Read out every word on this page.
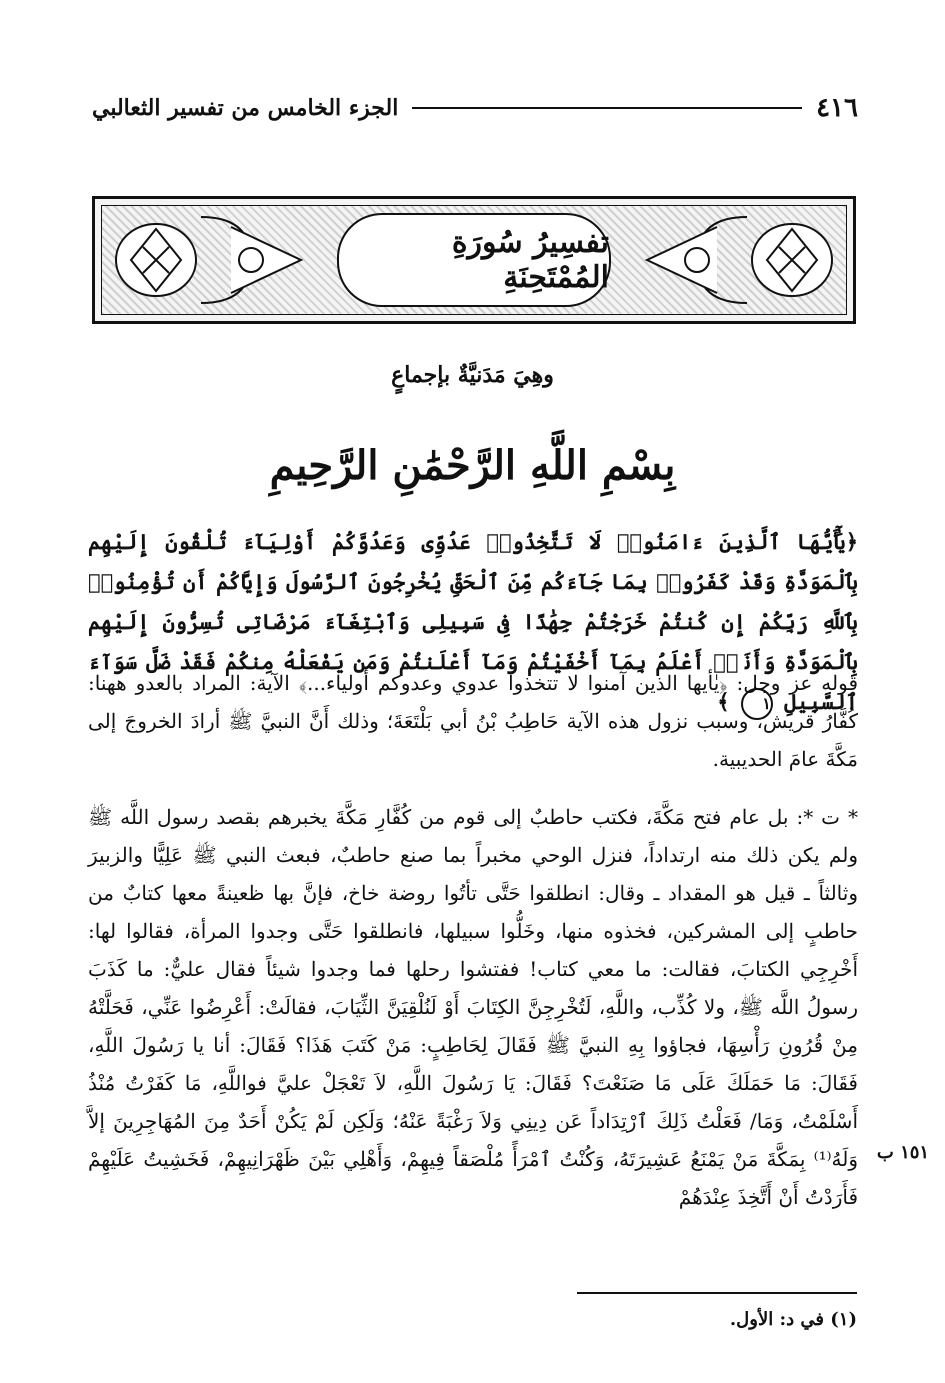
٤١٦
الجزء الخامس من تفسير الثعالبي
تفسِيرُ سُورَةِ المُمْتَحِنَةِ
وهِيَ مَدَنيَّةٌ بإجماعٍ
بِسْمِ اللَّهِ الرَّحْمَٰنِ الرَّحِيمِ
﴿يَٰٓأَيُّهَا ٱلَّذِينَ ءَامَنُوا۟ لَا تَتَّخِذُوا۟ عَدُوِّى وَعَدُوَّكُمْ أَوْلِيَآءَ تُلْقُونَ إِلَيْهِم بِٱلْمَوَدَّةِ وَقَدْ كَفَرُوا۟ بِمَا جَآءَكُم مِّنَ ٱلْحَقِّ يُخْرِجُونَ ٱلرَّسُولَ وَإِيَّاكُمْ أَن تُؤْمِنُوا۟ بِٱللَّهِ رَبِّكُمْ إِن كُنتُمْ خَرَجْتُمْ جِهَٰدًا فِى سَبِيلِى وَٱبْتِغَآءَ مَرْضَاتِى تُسِرُّونَ إِلَيْهِم بِٱلْمَوَدَّةِ وَأَنَا۠ أَعْلَمُ بِمَآ أَخْفَيْتُمْ وَمَآ أَعْلَنتُمْ وَمَن يَفْعَلْهُ مِنكُمْ فَقَدْ ضَلَّ سَوَآءَ ٱلسَّبِيلِ ١ ﴾
قوله عز وجل: ﴿يٰأيها الذين آمنوا لا تتخذوا عدوي وعدوكم أولياء...﴾ الآية: المراد بالعدو ههنا: كُفَّارُ قريش، وسبب نزول هذه الآية حَاطِبُ بْنُ أبي بَلْتَعَةَ؛ وذلك أَنَّ النبيَّ ﷺ أرادَ الخروجَ إلى مَكَّةَ عامَ الحديبية.
* ت *: بل عام فتح مَكَّةَ، فكتب حاطبٌ إلى قوم من كُفَّارِ مَكَّةَ يخبرهم بقصد رسول اللَّه ﷺ ولم يكن ذلك منه ارتداداً، فنزل الوحي مخبراً بما صنع حاطبٌ، فبعث النبي ﷺ عَلِيًّا والزبيرَ وثالثاً ـ قيل هو المقداد ـ وقال: انطلقوا حَتَّى تأتُوا روضة خاخ، فإنَّ بها ظعينةً معها كتابٌ من حاطبٍ إلى المشركين، فخذوه منها، وخَلُّوا سبيلها، فانطلقوا حَتَّى وجدوا المرأة، فقالوا لها: أَخْرِجِي الكتابَ، فقالت: ما معي كتاب! ففتشوا رحلها فما وجدوا شيئاً فقال عليٌّ: ما كَذَبَ رسولُ اللَّه ﷺ، ولا كُذِّب، واللَّهِ، لَتُخْرِجِنَّ الكِتَابَ أَوْ لَنُلْقِيَنَّ الثِّيَابَ، فقالَتْ: أَعْرِضُوا عَنِّي، فَحَلَّتْهُ مِنْ قُرُونِ رَأْسِهَا، فجاؤوا بِهِ النبيَّ ﷺ فَقَالَ لِحَاطِبٍ: مَنْ كَتَبَ هَذَا؟ فَقَالَ: أنا يا رَسُولَ اللَّهِ، فَقَالَ: مَا حَمَلَكَ عَلَى مَا صَنَعْتَ؟ فَقَالَ: يَا رَسُولَ اللَّهِ، لاَ تَعْجَلْ عليَّ فواللَّهِ، مَا كَفَرْتُ مُنْذُ أَسْلَمْتُ، وَمَا/ فَعَلْتُ ذَلِكَ ٱرْتِدَاداً عَن دِينِي وَلاَ رَغْبَةً عَنْهُ؛ وَلَكِن لَمْ يَكُنْ أَحَدٌ مِنَ المُهَاجِرِينَ إلاَّ وَلَهُ⁽¹⁾ بِمَكَّةَ مَنْ يَمْنَعُ عَشِيرَتَهُ، وَكُنْتُ ٱمْرَأً مُلْصَقاً فِيهِمْ، وَأَهْلِي بَيْنَ ظَهْرَانِيهِمْ، فَخَشِيتُ عَلَيْهِمْ فَأَرَدْتُ أَنْ أَتَّخِذَ عِنْدَهُمْ
١٥١ ب
(١) في د: الأول.
